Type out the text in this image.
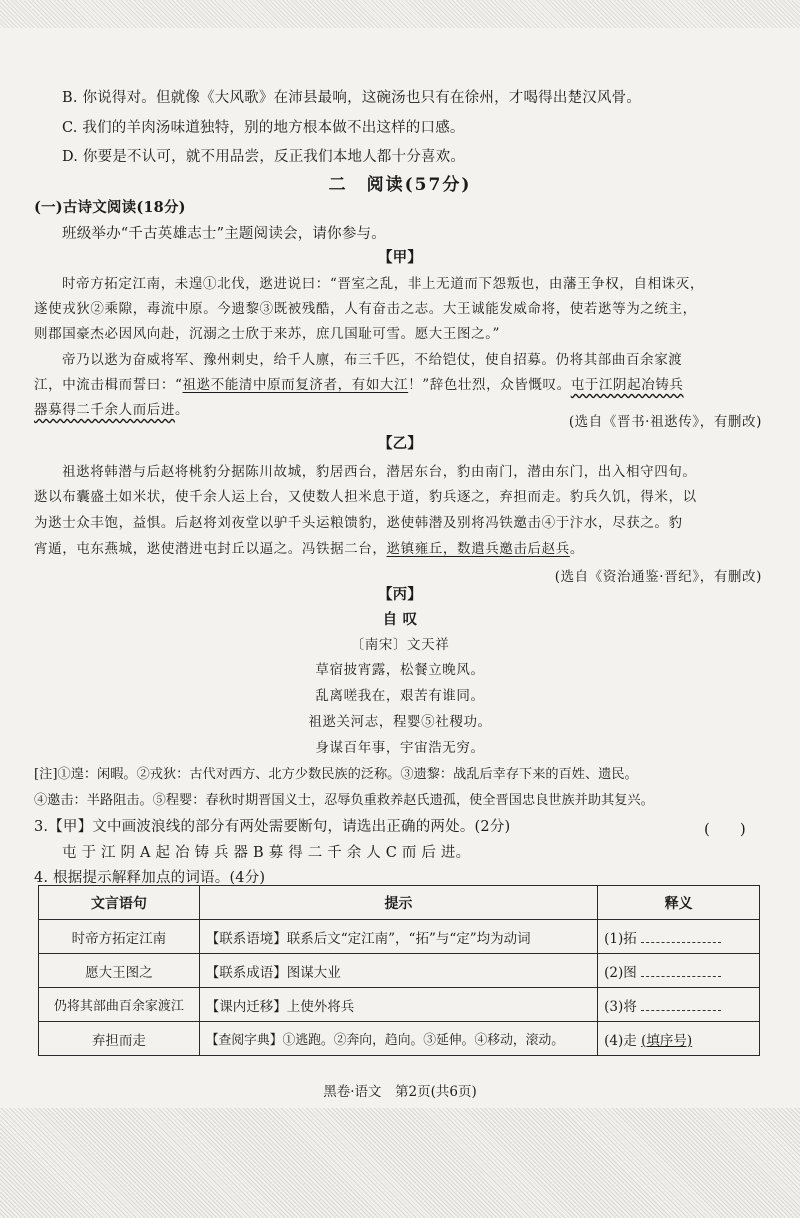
B. 你说得对。但就像《大风歌》在沛县最响，这碗汤也只有在徐州，才喝得出楚汉风骨。
C. 我们的羊肉汤味道独特，别的地方根本做不出这样的口感。
D. 你要是不认可，就不用品尝，反正我们本地人都十分喜欢。
二　阅读(57分)
(一)古诗文阅读(18分)
班级举办“千古英雄志士”主题阅读会，请你参与。
【甲】
时帝方拓定江南，未遑①北伐，逖进说曰：“晋室之乱，非上无道而下怨叛也，由藩王争权，自相诛灭，
遂使戎狄②乘隙，毒流中原。今遗黎③既被残酷，人有奋击之志。大王诚能发威命将，使若逖等为之统主，
则郡国豪杰必因风向赴，沉溺之士欣于来苏，庶几国耻可雪。愿大王图之。”
帝乃以逖为奋威将军、豫州刺史，给千人廪，布三千匹，不给铠仗，使自招募。仍将其部曲百余家渡
江，中流击楫而誓曰：“祖逖不能清中原而复济者，有如大江！”辞色壮烈，众皆慨叹。屯于江阴起冶铸兵
器募得二千余人而后进。
(选自《晋书·祖逖传》，有删改)
【乙】
祖逖将韩潜与后赵将桃豹分据陈川故城，豹居西台，潜居东台，豹由南门，潜由东门，出入相守四旬。
逖以布囊盛土如米状，使千余人运上台，又使数人担米息于道，豹兵逐之，弃担而走。豹兵久饥，得米，以
为逖士众丰饱，益惧。后赵将刘夜堂以驴千头运粮馈豹，逖使韩潜及别将冯铁邀击④于汴水，尽获之。豹
宵遁，屯东燕城，逖使潜进屯封丘以逼之。冯铁据二台，逖镇雍丘，数遣兵邀击后赵兵。
(选自《资治通鉴·晋纪》，有删改)
【丙】
自 叹
〔南宋〕文天祥
草宿披宵露，松餐立晚风。
乱离嗟我在，艰苦有谁同。
祖逖关河志，程婴⑤社稷功。
身谋百年事，宇宙浩无穷。
[注]①遑：闲暇。②戎狄：古代对西方、北方少数民族的泛称。③遗黎：战乱后幸存下来的百姓、遗民。
④邀击：半路阻击。⑤程婴：春秋时期晋国义士，忍辱负重救养赵氏遗孤，使全晋国忠良世族并助其复兴。
3.【甲】文中画波浪线的部分有两处需要断句，请选出正确的两处。(2分)	(　　)
屯 于 江 阴 A 起 冶 铸 兵 器 B 募 得 二 千 余 人 C 而 后 进。
4. 根据提示解释加点的词语。(4分)
文言语句	提示	释义
时帝方拓定江南	【联系语境】联系后文“定江南”，“拓”与“定”均为动词	(1)拓
愿大王图之	【联系成语】图谋大业	(2)图
仍将其部曲百余家渡江	【课内迁移】上使外将兵	(3)将
弃担而走	【查阅字典】①逃跑。②奔向，趋向。③延伸。④移动，滚动。	(4)走 (填序号)
黑卷·语文　第2页(共6页)
